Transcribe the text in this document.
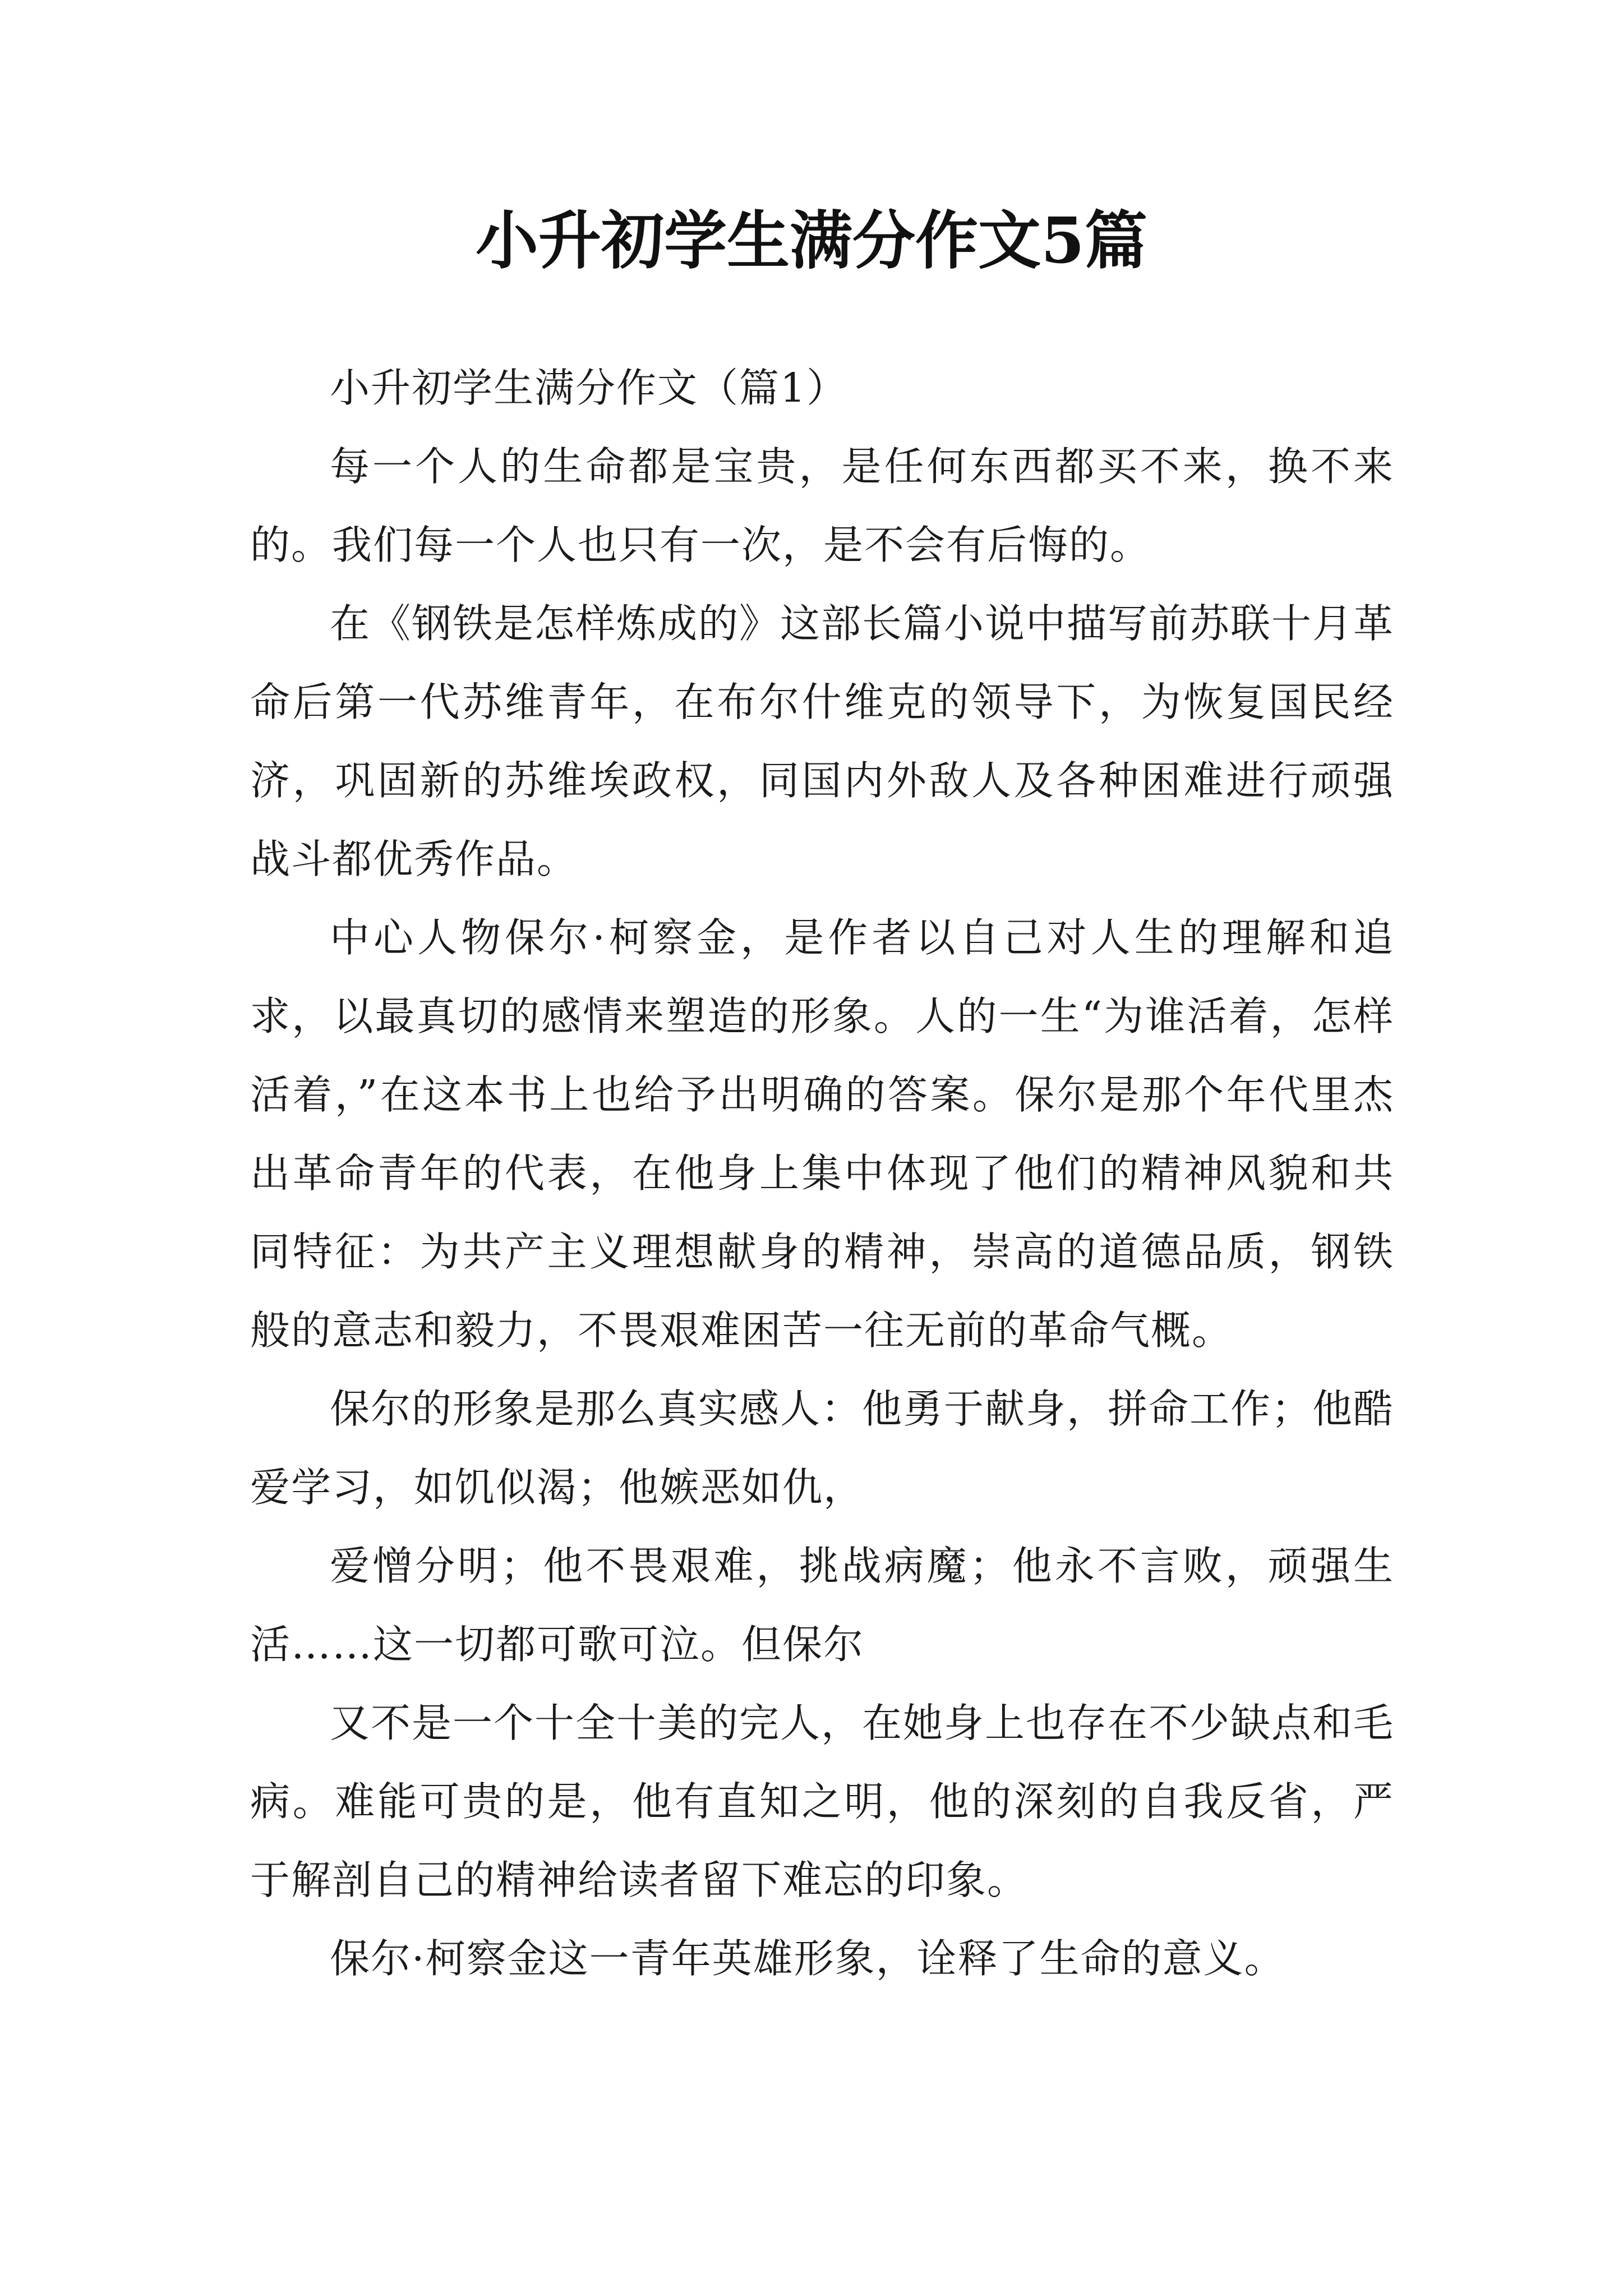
小升初学生满分作文5篇

小升初学生满分作文（篇1）

每一个人的生命都是宝贵，是任何东西都买不来，换不来的。我们每一个人也只有一次，是不会有后悔的。

在《钢铁是怎样炼成的》这部长篇小说中描写前苏联十月革命后第一代苏维青年，在布尔什维克的领导下，为恢复国民经济，巩固新的苏维埃政权，同国内外敌人及各种困难进行顽强战斗都优秀作品。

中心人物保尔·柯察金，是作者以自己对人生的理解和追求，以最真切的感情来塑造的形象。人的一生“为谁活着，怎样活着，”在这本书上也给予出明确的答案。保尔是那个年代里杰出革命青年的代表，在他身上集中体现了他们的精神风貌和共同特征：为共产主义理想献身的精神，崇高的道德品质，钢铁般的意志和毅力，不畏艰难困苦一往无前的革命气概。

保尔的形象是那么真实感人：他勇于献身，拼命工作；他酷爱学习，如饥似渴；他嫉恶如仇，

爱憎分明；他不畏艰难，挑战病魔；他永不言败，顽强生活……这一切都可歌可泣。但保尔

又不是一个十全十美的完人，在她身上也存在不少缺点和毛病。难能可贵的是，他有直知之明，他的深刻的自我反省，严于解剖自己的精神给读者留下难忘的印象。

保尔·柯察金这一青年英雄形象，诠释了生命的意义。
